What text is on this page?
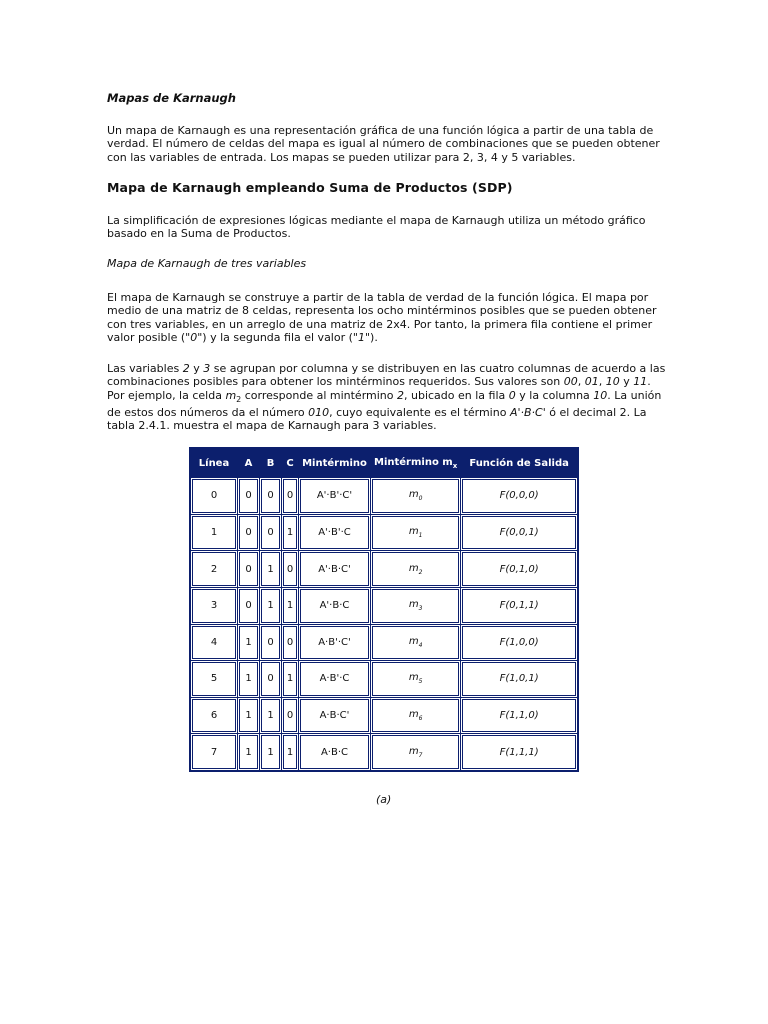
Mapas de Karnaugh

Un mapa de Karnaugh es una representación gráfica de una función lógica a partir de una tabla de verdad. El número de celdas del mapa es igual al número de combinaciones que se pueden obtener con las variables de entrada. Los mapas se pueden utilizar para 2, 3, 4 y 5 variables.

Mapa de Karnaugh empleando Suma de Productos (SDP)

La simplificación de expresiones lógicas mediante el mapa de Karnaugh utiliza un método gráfico basado en la Suma de Productos.

Mapa de Karnaugh de tres variables

El mapa de Karnaugh se construye a partir de la tabla de verdad de la función lógica. El mapa por medio de una matriz de 8 celdas, representa los ocho mintérminos posibles que se pueden obtener con tres variables, en un arreglo de una matriz de 2x4. Por tanto, la primera fila contiene el primer valor posible ("0") y la segunda fila el valor ("1").

Las variables 2 y 3 se agrupan por columna y se distribuyen en las cuatro columnas de acuerdo a las combinaciones posibles para obtener los mintérminos requeridos. Sus valores son 00, 01, 10 y 11. Por ejemplo, la celda $m_2$ corresponde al mintérmino 2, ubicado en la fila 0 y la columna 10. La unión de estos dos números da el número 010, cuyo equivalente es el término A'·B·C' ó el decimal 2. La tabla 2.4.1. muestra el mapa de Karnaugh para 3 variables.

Línea	A	B	C	Mintérmino	Mintérmino $m_x$	Función de Salida
0	0	0	0	A'·B'·C'	$m_0$	F(0,0,0)
1	0	0	1	A'·B'·C	$m_1$	F(0,0,1)
2	0	1	0	A'·B·C'	$m_2$	F(0,1,0)
3	0	1	1	A'·B·C	$m_3$	F(0,1,1)
4	1	0	0	A·B'·C'	$m_4$	F(1,0,0)
5	1	0	1	A·B'·C	$m_5$	F(1,0,1)
6	1	1	0	A·B·C'	$m_6$	F(1,1,0)
7	1	1	1	A·B·C	$m_7$	F(1,1,1)
(a)
